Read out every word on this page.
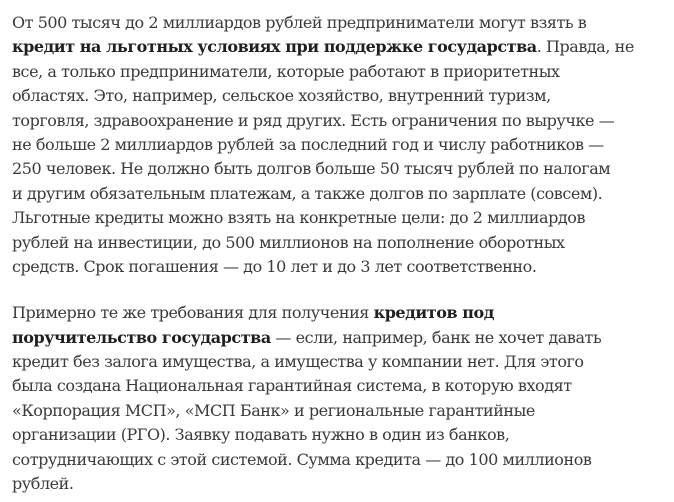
От 500 тысяч до 2 миллиардов рублей предприниматели могут взять в
кредит на льготных условиях при поддержке государства. Правда, не
все, а только предприниматели, которые работают в приоритетных
областях. Это, например, сельское хозяйство, внутренний туризм,
торговля, здравоохранение и ряд других. Есть ограничения по выручке —
не больше 2 миллиардов рублей за последний год и числу работников —
250 человек. Не должно быть долгов больше 50 тысяч рублей по налогам
и другим обязательным платежам, а также долгов по зарплате (совсем).
Льготные кредиты можно взять на конкретные цели: до 2 миллиардов
рублей на инвестиции, до 500 миллионов на пополнение оборотных
средств. Срок погашения — до 10 лет и до 3 лет соответственно.
Примерно те же требования для получения кредитов под
поручительство государства — если, например, банк не хочет давать
кредит без залога имущества, а имущества у компании нет. Для этого
была создана Национальная гарантийная система, в которую входят
«Корпорация МСП», «МСП Банк» и региональные гарантийные
организации (РГО). Заявку подавать нужно в один из банков,
сотрудничающих с этой системой. Сумма кредита — до 100 миллионов
рублей.
